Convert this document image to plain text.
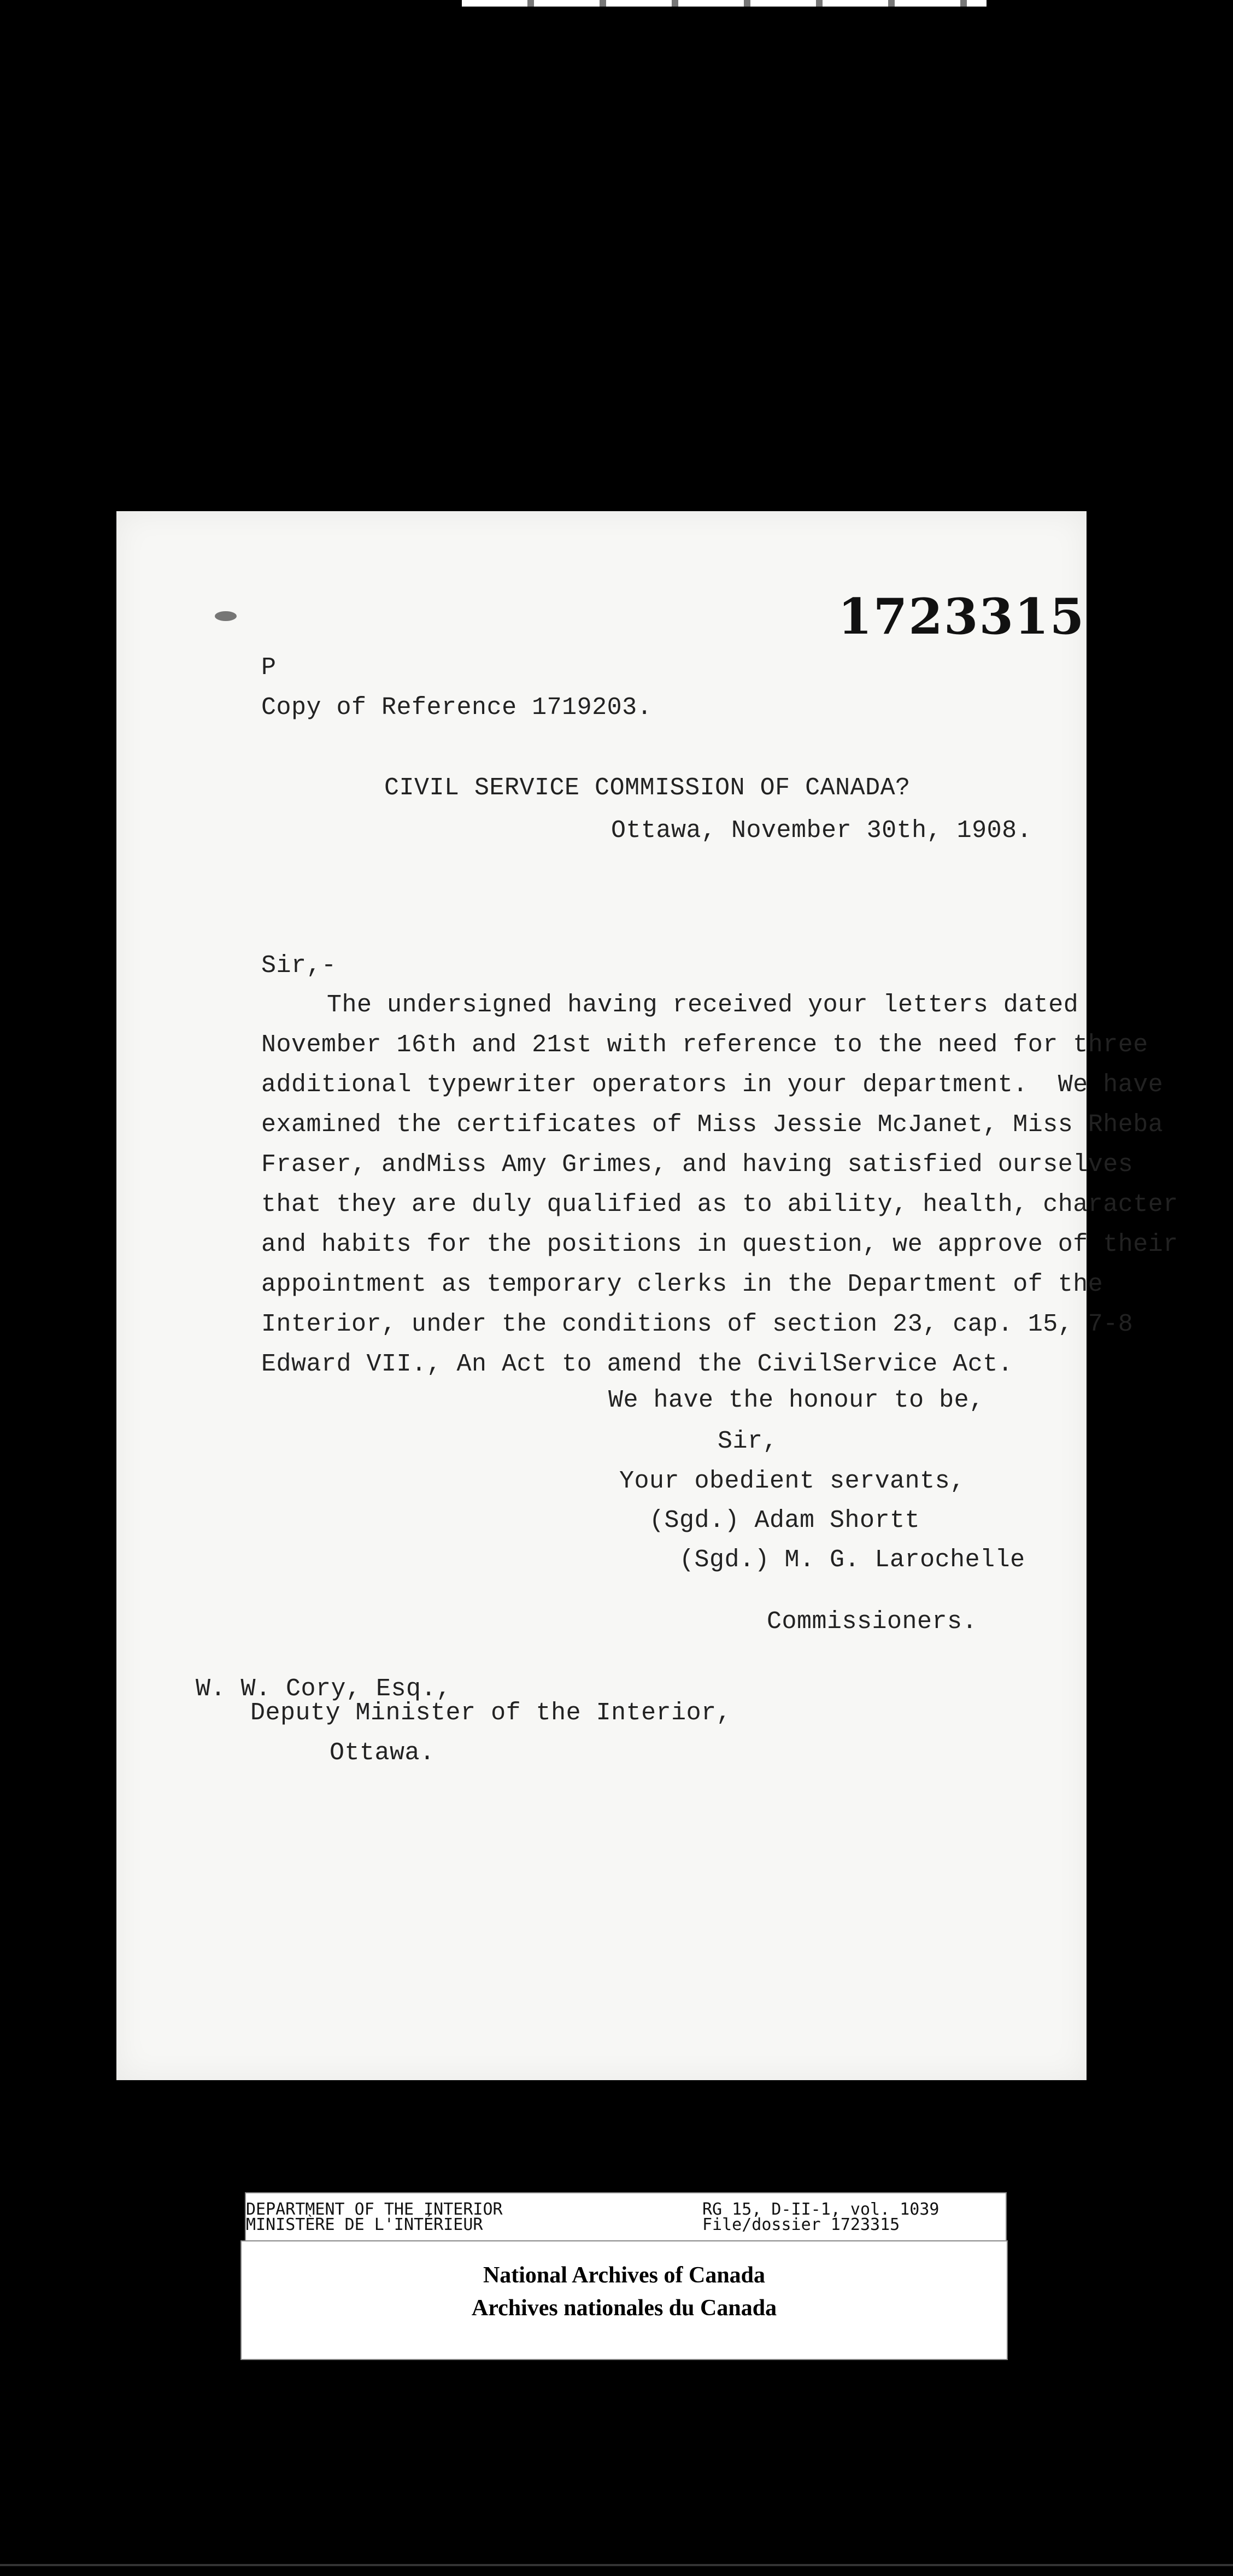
1723315
P
Copy of Reference 1719203.
CIVIL SERVICE COMMISSION OF CANADA?
Ottawa, November 30th, 1908.
Sir,-
The undersigned having received your letters dated
November 16th and 21st with reference to the need for three
additional typewriter operators in your department.  We have
examined the certificates of Miss Jessie McJanet, Miss Rheba
Fraser, andMiss Amy Grimes, and having satisfied ourselves
that they are duly qualified as to ability, health, character
and habits for the positions in question, we approve of their
appointment as temporary clerks in the Department of the
Interior, under the conditions of section 23, cap. 15, 7-8
Edward VII., An Act to amend the CivilService Act.
We have the honour to be,
Sir,
Your obedient servants,
(Sgd.) Adam Shortt
(Sgd.) M. G. Larochelle
Commissioners.
W. W. Cory, Esq.,
Deputy Minister of the Interior,
Ottawa.
DEPARTMENT OF THE INTERIOR
MINISTÈRE DE L'INTÉRIEUR
RG 15, D-II-1, vol. 1039
File/dossier 1723315
National Archives of Canada
Archives nationales du Canada
